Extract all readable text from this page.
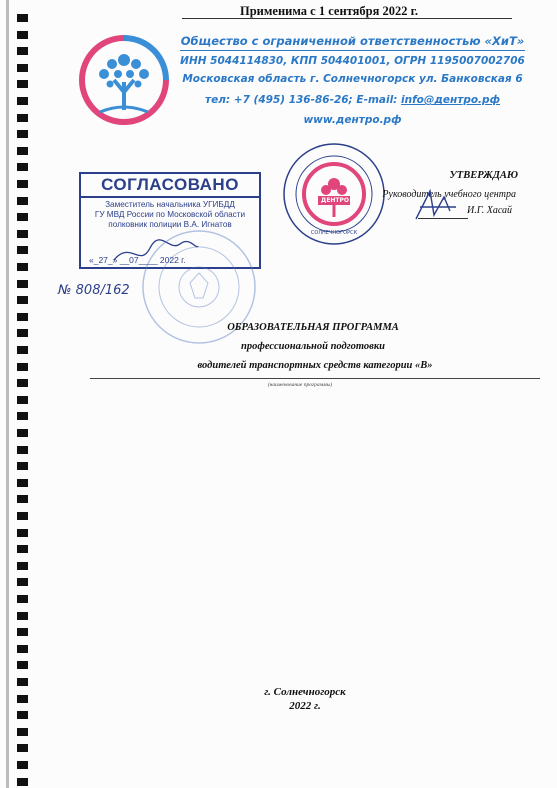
Применима с 1 сентября 2022 г.
Общество с ограниченной ответственностью «ХиТ»
ИНН 5044114830, КПП 504401001, ОГРН 1195007002706
Московская область г. Солнечногорск ул. Банковская 6
тел: +7 (495) 136-86-26; E-mail: info@дентро.рф
www.дентро.рф
СОГЛАСОВАНО
Заместитель начальника УГИБДД
ГУ МВД России по Московской области
полковник полиции В.А. Игнатов
«_27_» __07____ 2022 г.
№ 808/162
ДЕНТРО
СОЛНЕЧНОГОРСК
УТВЕРЖДАЮ
Руководитель учебного центра
И.Г. Хасай
ОБРАЗОВАТЕЛЬНАЯ ПРОГРАММА
профессиональной подготовки
водителей транспортных средств категории «B»
(наименование программы)
г. Солнечногорск
2022 г.
